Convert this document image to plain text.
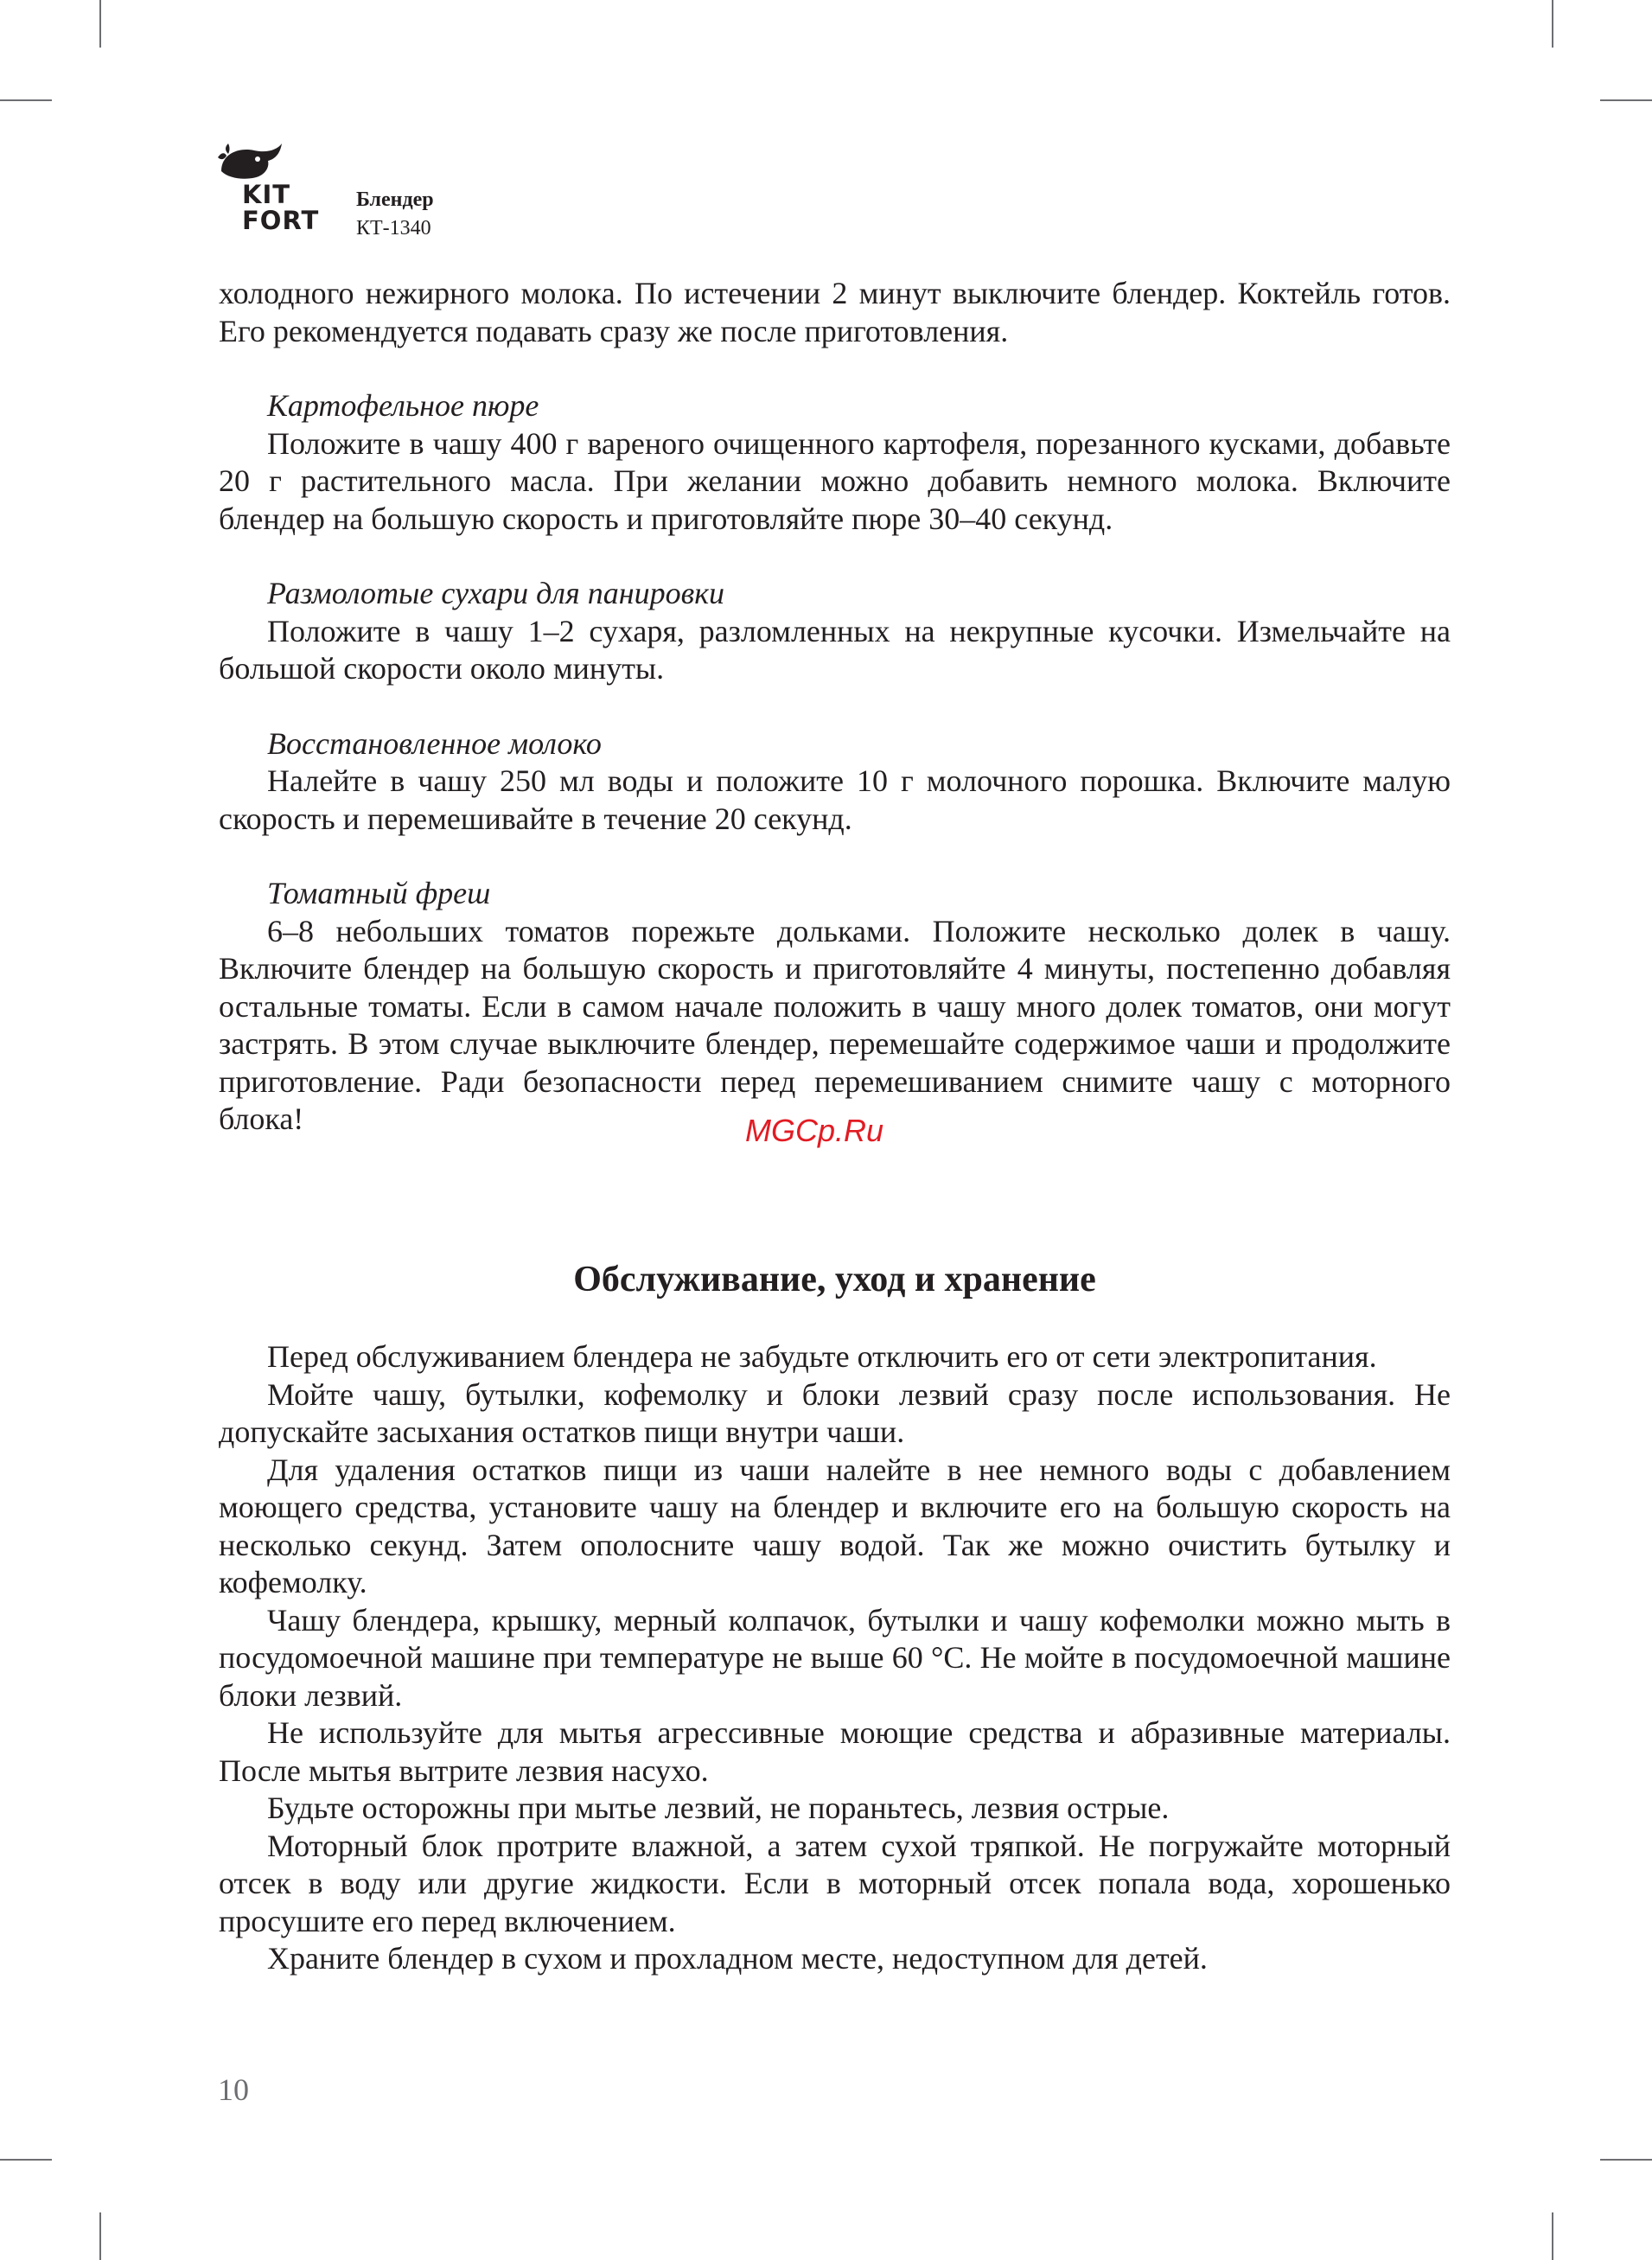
KIT
FORT
Блендер
КТ-1340

холодного нежирного молока. По истечении 2 минут выключите блендер. Коктейль готов. Его рекомендуется подавать сразу же после приготовления.

Картофельное пюре

Положите в чашу 400 г вареного очищенного картофеля, порезанного кусками, добавьте 20 г растительного масла. При желании можно добавить немного молока. Включите блендер на большую скорость и приготовляйте пюре 30–40 секунд.

Размолотые сухари для панировки

Положите в чашу 1–2 сухаря, разломленных на некрупные кусочки. Измельчайте на большой скорости около минуты.

Восстановленное молоко

Налейте в чашу 250 мл воды и положите 10 г молочного порошка. Включите малую скорость и перемешивайте в течение 20 секунд.

Томатный фреш

6–8 небольших томатов порежьте дольками. Положите несколько долек в чашу. Включите блендер на большую скорость и приготовляйте 4 минуты, постепенно добавляя остальные томаты. Если в самом начале положить в чашу много долек томатов, они могут застрять. В этом случае выключите блендер, перемешайте содержимое чаши и продолжите приготовление. Ради безопасности перед перемешиванием снимите чашу с моторного блока!	MGCp.Ru
Обслуживание, уход и хранение

Перед обслуживанием блендера не забудьте отключить его от сети электропитания.

Мойте чашу, бутылки, кофемолку и блоки лезвий сразу после использования. Не допускайте засыхания остатков пищи внутри чаши.

Для удаления остатков пищи из чаши налейте в нее немного воды с добавлением моющего средства, установите чашу на блендер и включите его на большую скорость на несколько секунд. Затем ополосните чашу водой. Так же можно очистить бутылку и кофемолку.

Чашу блендера, крышку, мерный колпачок, бутылки и чашу кофемолки можно мыть в посудомоечной машине при температуре не выше 60 °С. Не мойте в посудомоечной машине блоки лезвий.

Не используйте для мытья агрессивные моющие средства и абразивные материалы. После мытья вытрите лезвия насухо.

Будьте осторожны при мытье лезвий, не пораньтесь, лезвия острые.

Моторный блок протрите влажной, а затем сухой тряпкой. Не погружайте моторный отсек в воду или другие жидкости. Если в моторный отсек попала вода, хорошенько просушите его перед включением.

Храните блендер в сухом и прохладном месте, недоступном для детей.

10
